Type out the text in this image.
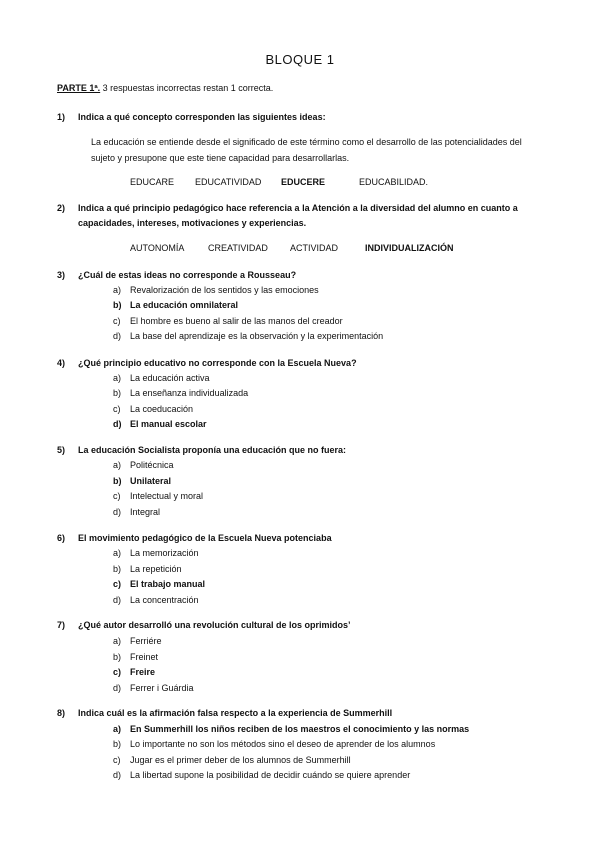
BLOQUE 1
PARTE 1ª. 3 respuestas incorrectas restan 1 correcta.
1) Indica a qué concepto corresponden las siguientes ideas:
La educación se entiende desde el significado de este término como el desarrollo de las potencialidades del sujeto y presupone que este tiene capacidad para desarrollarlas.
EDUCARE	EDUCATIVIDAD	EDUCERE	EDUCABILIDAD.
2) Indica a qué principio pedagógico hace referencia a la Atención a la diversidad del alumno en cuanto a capacidades, intereses, motivaciones y experiencias.
AUTONOMÍA	CREATIVIDAD	ACTIVIDAD	INDIVIDUALIZACIÓN
3) ¿Cuál de estas ideas no corresponde a Rousseau?
a) Revalorización de los sentidos y las emociones
b) La educación omnilateral
c) El hombre es bueno al salir de las manos del creador
d) La base del aprendizaje es la observación y la experimentación
4) ¿Qué principio educativo no corresponde con la Escuela Nueva?
a) La educación activa
b) La enseñanza individualizada
c) La coeducación
d) El manual escolar
5) La educación Socialista proponía una educación que no fuera:
a) Politécnica
b) Unilateral
c) Intelectual y moral
d) Integral
6) El movimiento pedagógico de la Escuela Nueva potenciaba
a) La memorización
b) La repetición
c) El trabajo manual
d) La concentración
7) ¿Qué autor desarrolló una revolución cultural de los oprimidos’
a) Ferriére
b) Freinet
c) Freire
d) Ferrer i Guárdia
8) Indica cuál es la afirmación falsa respecto a la experiencia de Summerhill
a) En Summerhill los niños reciben de los maestros el conocimiento y las normas
b) Lo importante no son los métodos sino el deseo de aprender de los alumnos
c) Jugar es el primer deber de los alumnos de Summerhill
d) La libertad supone la posibilidad de decidir cuándo se quiere aprender
